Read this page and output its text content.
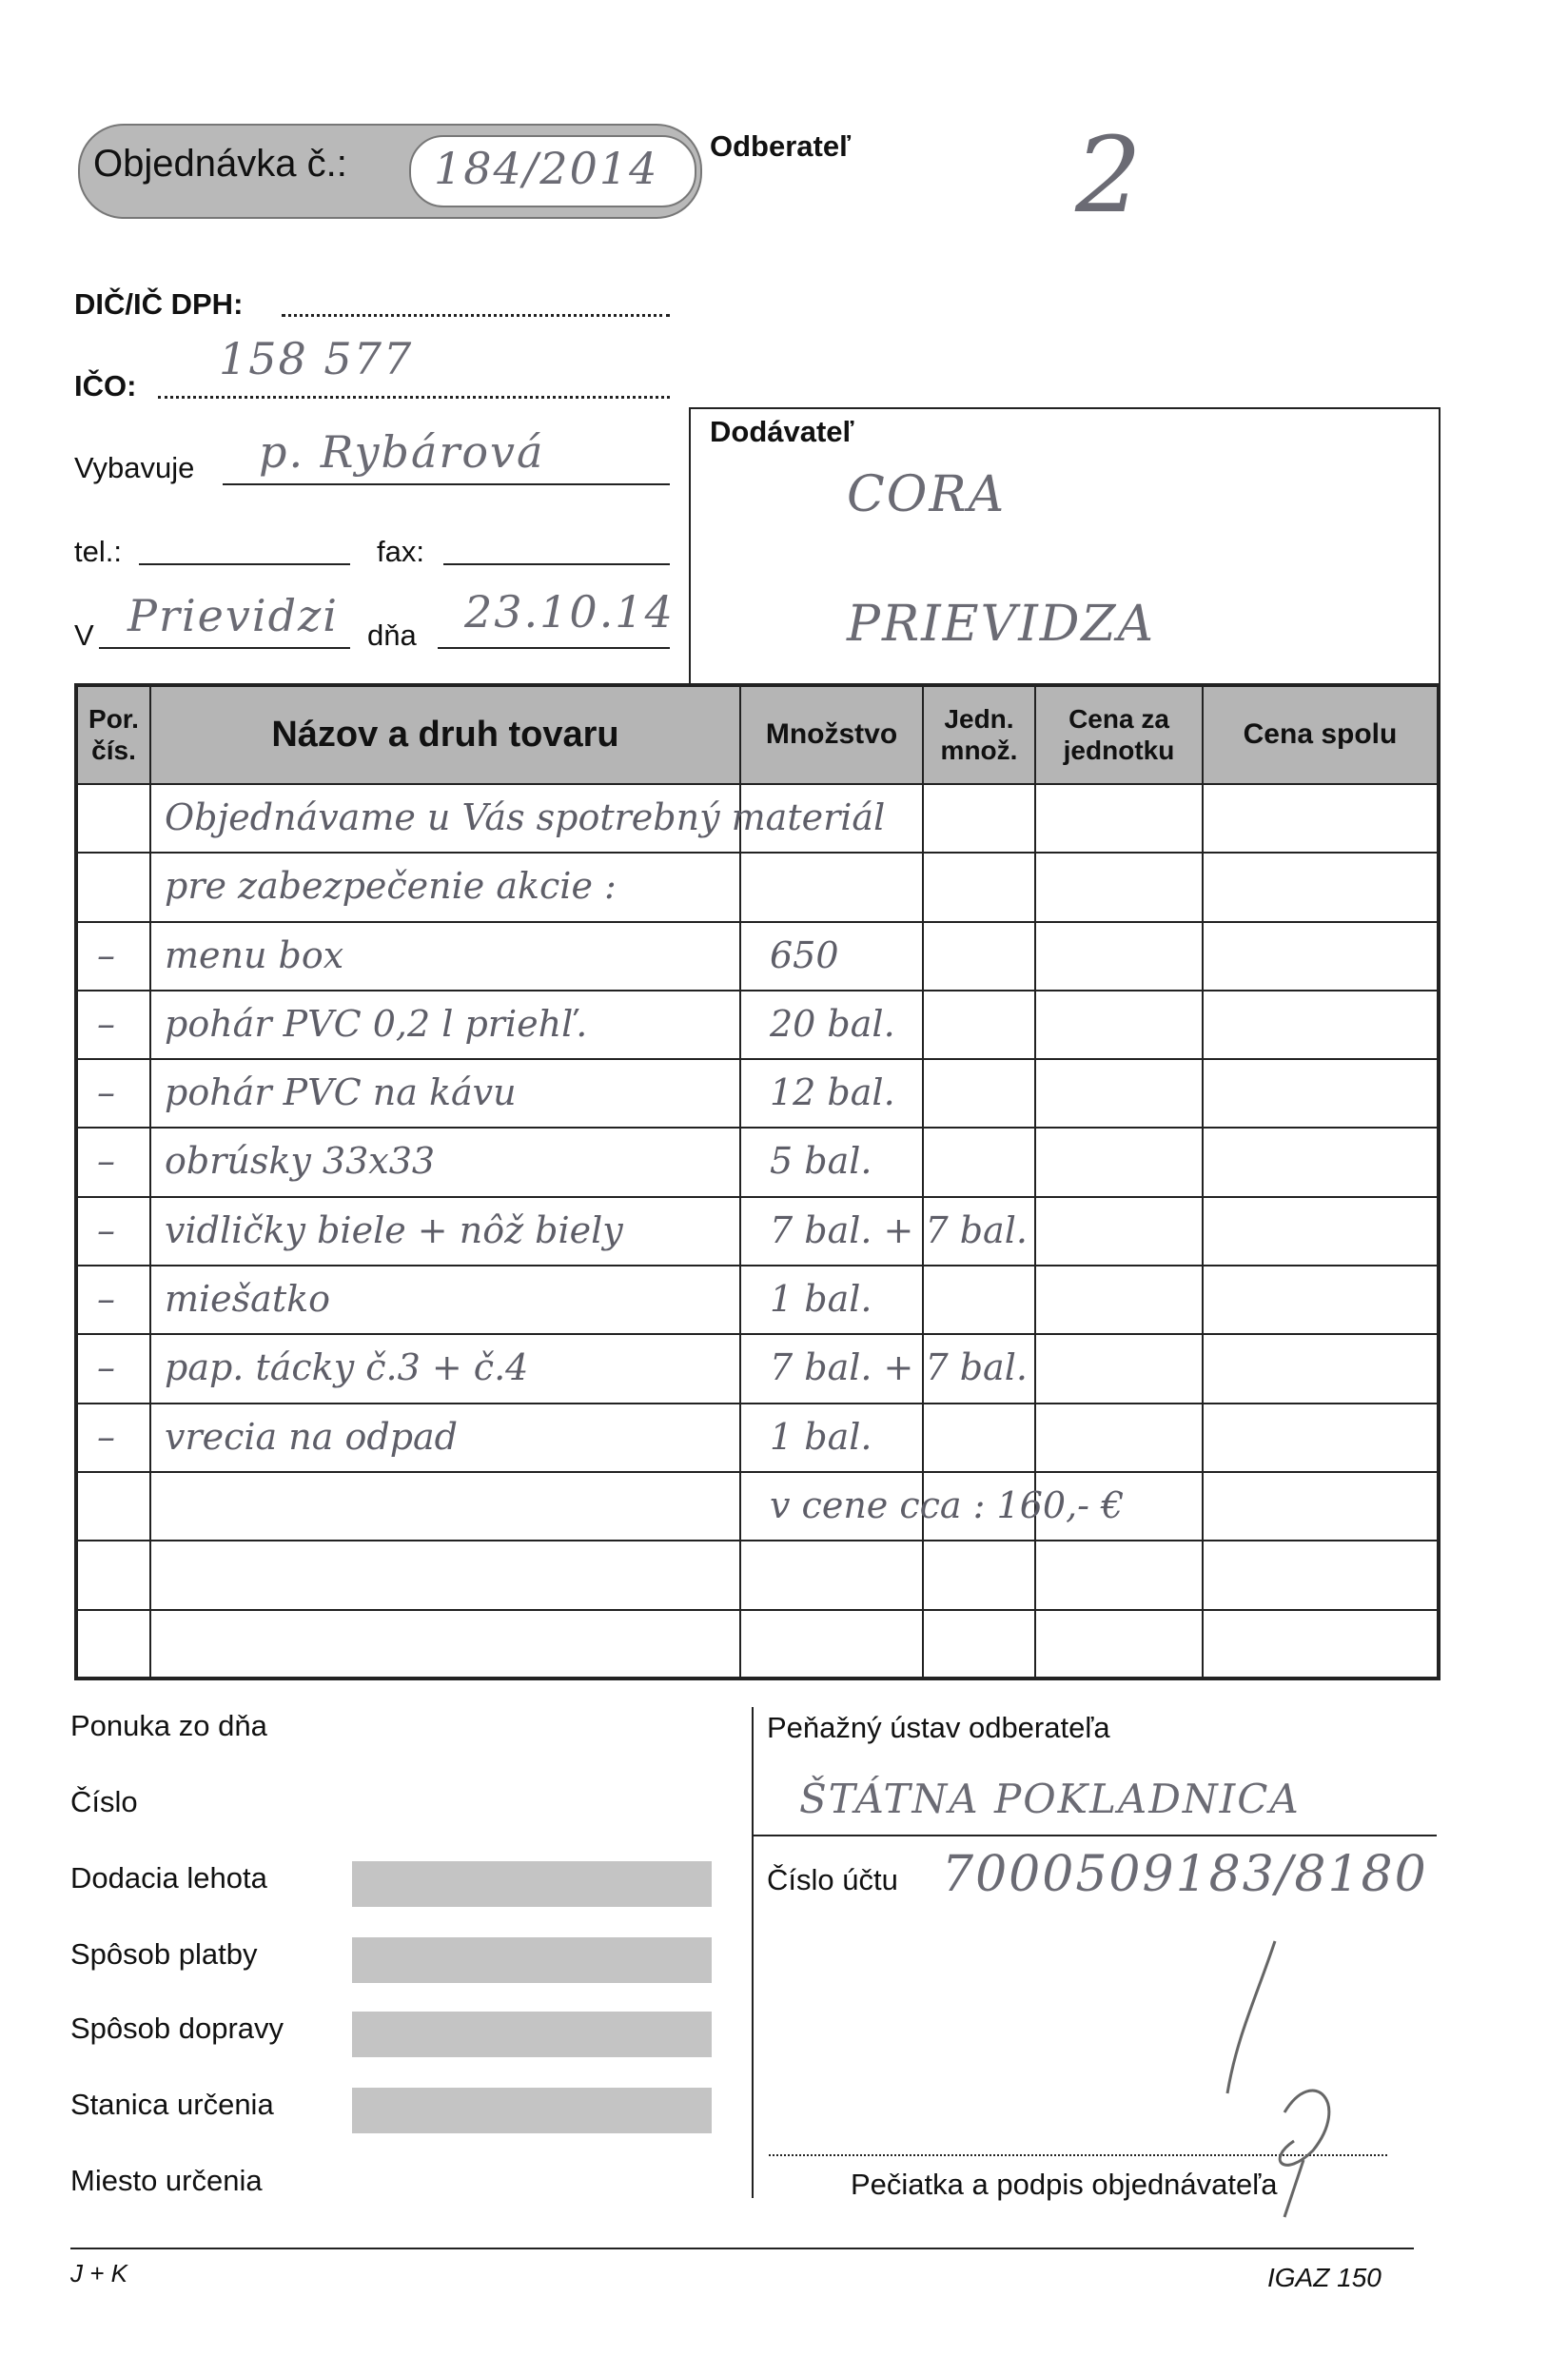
Objednávka č.: 184/2014 Odberateľ 2
DIČ/IČ DPH:
IČO:
158 577
Vybavuje p. Rybárová
tel.:	fax:
V Prievidzi dňa 23.10.14
Dodávateľ
CORA
PRIEVIDZA
Por. čís.	Názov a druh tovaru	Množstvo	Jedn. množ.	Cena za jednotku	Cena spolu

	Objednávame u Vás spotrebný materiál				

	pre zabezpečenie akcie :				

–	menu box	650			

–	pohár PVC 0,2 l priehľ.	20 bal.			

–	pohár PVC na kávu	12 bal.			

–	obrúsky 33x33	5 bal.			

–	vidličky biele + nôž biely	7 bal. + 7 bal.			

–	miešatko	1 bal.			

–	pap. tácky č.3 + č.4	7 bal. + 7 bal.			

–	vrecia na odpad	1 bal.			

		v cene cca : 160,- €			

Ponuka zo dňa
Číslo
Dodacia lehota
Spôsob platby
Spôsob dopravy
Stanica určenia
Miesto určenia
Peňažný ústav odberateľa
ŠTÁTNA POKLADNICA
Číslo účtu 7000509183/8180
Pečiatka a podpis objednávateľa
J + K	IGAZ 150
